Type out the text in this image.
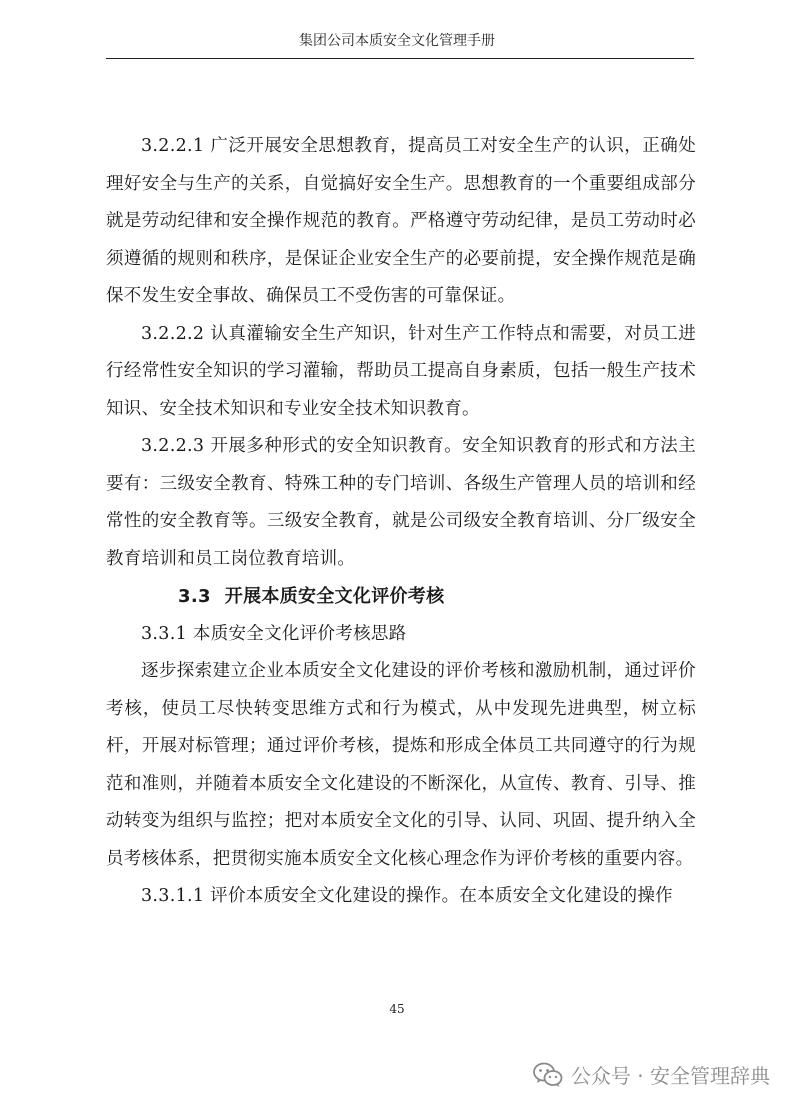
集团公司本质安全文化管理手册

3.2.2.1 广泛开展安全思想教育，提高员工对安全生产的认识，正确处理好安全与生产的关系，自觉搞好安全生产。思想教育的一个重要组成部分就是劳动纪律和安全操作规范的教育。严格遵守劳动纪律，是员工劳动时必须遵循的规则和秩序，是保证企业安全生产的必要前提，安全操作规范是确保不发生安全事故、确保员工不受伤害的可靠保证。

3.2.2.2 认真灌输安全生产知识，针对生产工作特点和需要，对员工进行经常性安全知识的学习灌输，帮助员工提高自身素质，包括一般生产技术知识、安全技术知识和专业安全技术知识教育。

3.2.2.3 开展多种形式的安全知识教育。安全知识教育的形式和方法主要有：三级安全教育、特殊工种的专门培训、各级生产管理人员的培训和经常性的安全教育等。三级安全教育，就是公司级安全教育培训、分厂级安全教育培训和员工岗位教育培训。

3.3 开展本质安全文化评价考核

3.3.1 本质安全文化评价考核思路

逐步探索建立企业本质安全文化建设的评价考核和激励机制，通过评价考核，使员工尽快转变思维方式和行为模式，从中发现先进典型，树立标杆，开展对标管理；通过评价考核，提炼和形成全体员工共同遵守的行为规范和准则，并随着本质安全文化建设的不断深化，从宣传、教育、引导、推动转变为组织与监控；把对本质安全文化的引导、认同、巩固、提升纳入全员考核体系，把贯彻实施本质安全文化核心理念作为评价考核的重要内容。

3.3.1.1 评价本质安全文化建设的操作。在本质安全文化建设的操作

45
公众号 · 安全管理辞典
